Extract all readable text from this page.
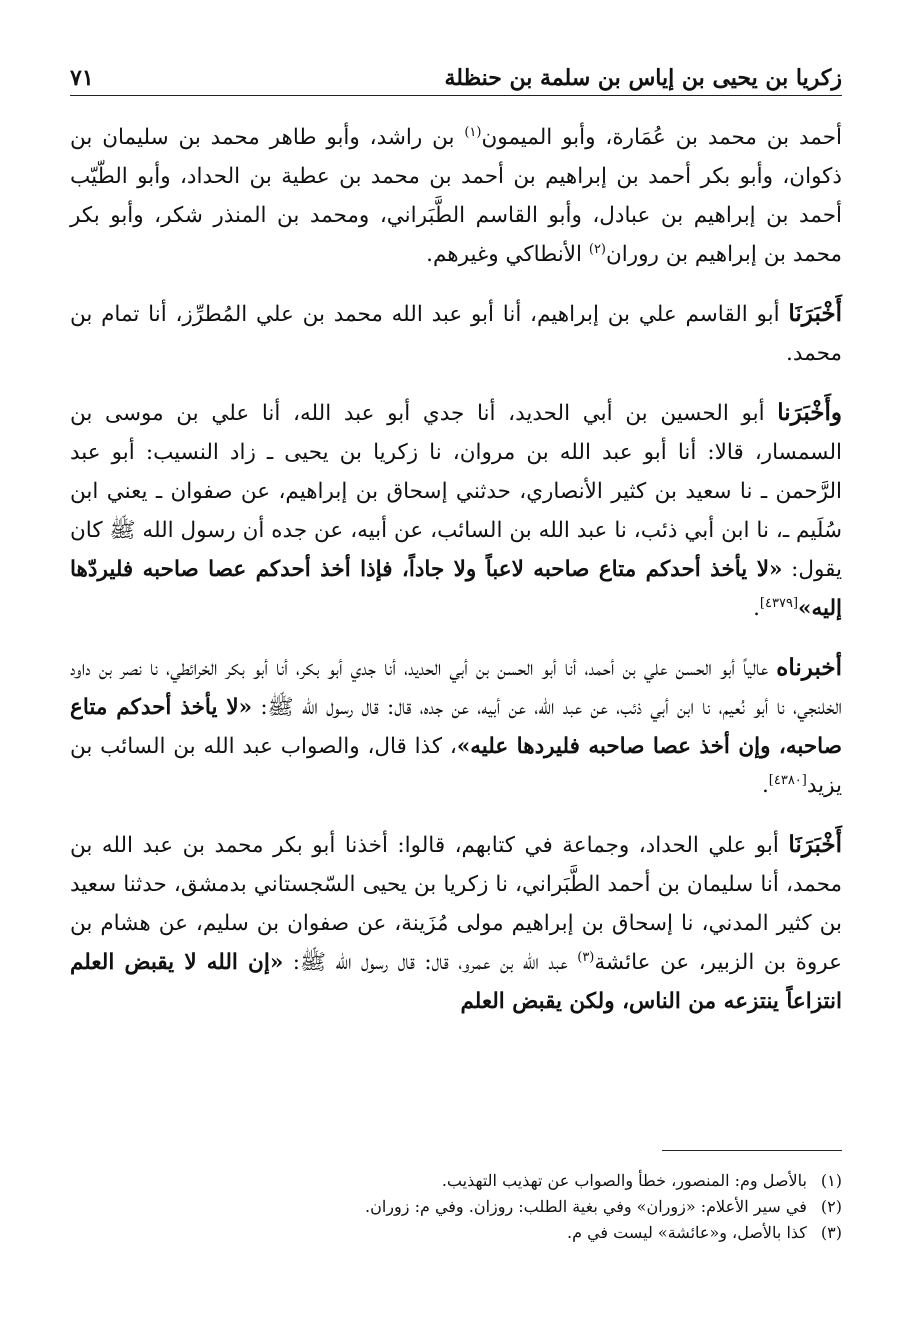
زكريا بن يحيى بن إياس بن سلمة بن حنظلة
٧١

أحمد بن محمد بن عُمَارة، وأبو الميمون$^{(١)}$ بن راشد، وأبو طاهر محمد بن سليمان بن ذكوان، وأبو بكر أحمد بن إبراهيم بن أحمد بن محمد بن عطية بن الحداد، وأبو الطّيّب أحمد بن إبراهيم بن عبادل، وأبو القاسم الطَّبَراني، ومحمد بن المنذر شكر، وأبو بكر محمد بن إبراهيم بن روران$^{(٢)}$ الأنطاكي وغيرهم.

أَخْبَرَنَا أبو القاسم علي بن إبراهيم، أنا أبو عبد الله محمد بن علي المُطرِّز، أنا تمام بن محمد.

وأَخْبَرَنا أبو الحسين بن أبي الحديد، أنا جدي أبو عبد الله، أنا علي بن موسى بن السمسار، قالا: أنا أبو عبد الله بن مروان، نا زكريا بن يحيى ـ زاد النسيب: أبو عبد الرَّحمن ـ نا سعيد بن كثير الأنصاري، حدثني إسحاق بن إبراهيم، عن صفوان ـ يعني ابن سُلَيم ـ، نا ابن أبي ذئب، نا عبد الله بن السائب، عن أبيه، عن جده أن رسول الله ﷺ كان يقول: «لا يأخذ أحدكم متاع صاحبه لاعباً ولا جاداً، فإذا أخذ أحدكم عصا صاحبه فليردّها إليه»[٤٣٧٩].

أخبرناه عالياً أبو الحسن علي بن أحمد، أنا أبو الحسن بن أبي الحديد، أنا جدي أبو بكر، أنا أبو بكر الخرائطي، نا نصر بن داود الخلنجي، نا أبو نُعيم، نا ابن أبي ذئب، عن عبد الله، عن أبيه، عن جده، قال: قال رسول الله ﷺ: «لا يأخذ أحدكم متاع صاحبه، وإن أخذ عصا صاحبه فليردها عليه»، كذا قال، والصواب عبد الله بن السائب بن يزيد[٤٣٨٠].

أَخْبَرَنَا أبو علي الحداد، وجماعة في كتابهم، قالوا: أخذنا أبو بكر محمد بن عبد الله بن محمد، أنا سليمان بن أحمد الطَّبَراني، نا زكريا بن يحيى السّجستاني بدمشق، حدثنا سعيد بن كثير المدني، نا إسحاق بن إبراهيم مولى مُزَينة، عن صفوان بن سليم، عن هشام بن عروة بن الزبير، عن عائشة$^{(٣)}$ عبد الله بن عمرو، قال: قال رسول الله ﷺ: «إن الله لا يقبض العلم انتزاعاً ينتزعه من الناس، ولكن يقبض العلم

(١)
بالأصل وم: المنصور، خطأ والصواب عن تهذيب التهذيب.
(٢)
في سير الأعلام: «زوران» وفي بغية الطلب: روزان. وفي م: زوران.
(٣)
كذا بالأصل، و«عائشة» ليست في م.
